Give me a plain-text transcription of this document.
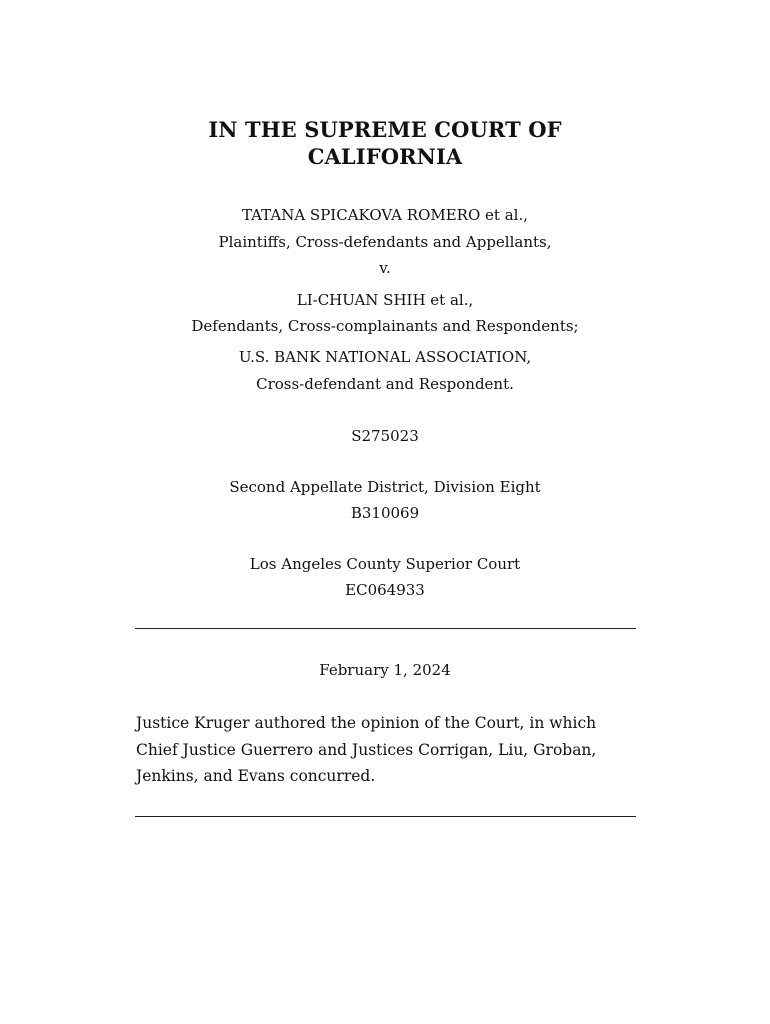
IN THE SUPREME COURT OF CALIFORNIA
TATANA SPICAKOVA ROMERO et al.,
Plaintiffs, Cross-defendants and Appellants,
v.
LI-CHUAN SHIH et al.,
Defendants, Cross-complainants and Respondents;
U.S. BANK NATIONAL ASSOCIATION,
Cross-defendant and Respondent.
S275023
Second Appellate District, Division Eight
B310069
Los Angeles County Superior Court
EC064933
February 1, 2024
Justice Kruger authored the opinion of the Court, in which Chief Justice Guerrero and Justices Corrigan, Liu, Groban, Jenkins, and Evans concurred.
